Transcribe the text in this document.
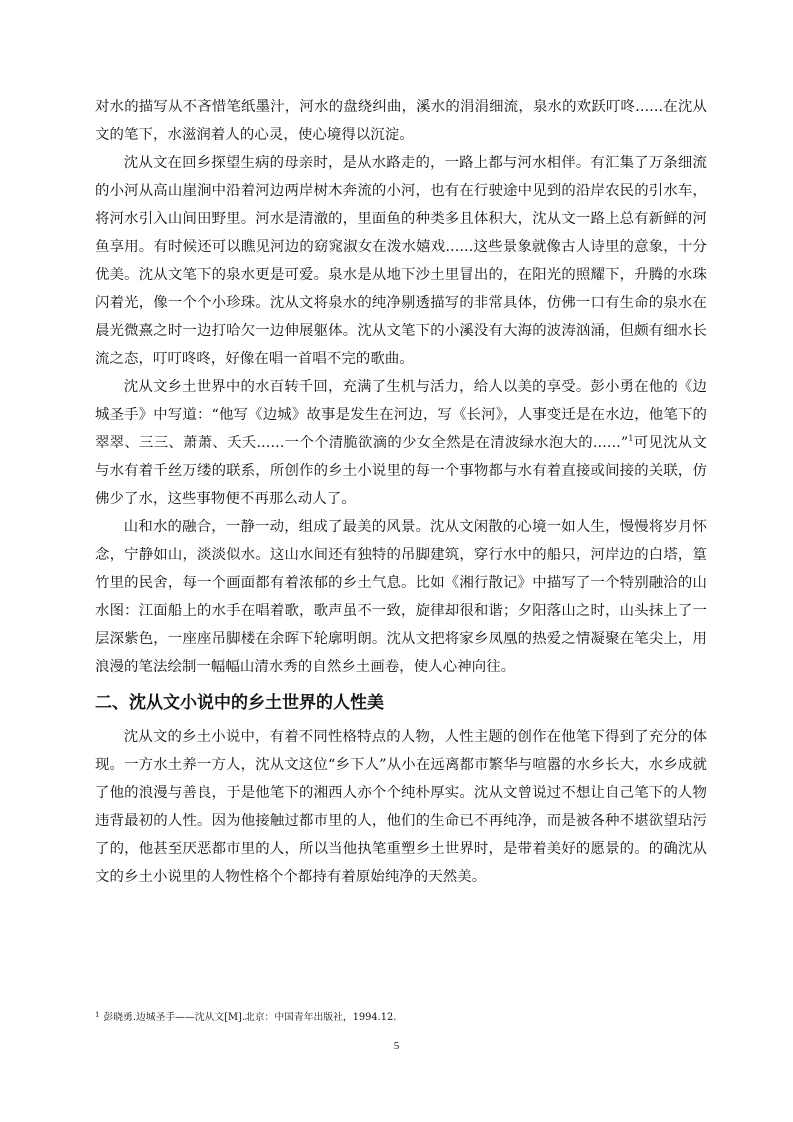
对水的描写从不吝惜笔纸墨汁，河水的盘绕纠曲，溪水的涓涓细流，泉水的欢跃叮咚......在沈从文的笔下，水滋润着人的心灵，使心境得以沉淀。

沈从文在回乡探望生病的母亲时，是从水路走的，一路上都与河水相伴。有汇集了万条细流的小河从高山崖涧中沿着河边两岸树木奔流的小河，也有在行驶途中见到的沿岸农民的引水车，将河水引入山间田野里。河水是清澈的，里面鱼的种类多且体积大，沈从文一路上总有新鲜的河鱼享用。有时候还可以瞧见河边的窈窕淑女在泼水嬉戏......这些景象就像古人诗里的意象，十分优美。沈从文笔下的泉水更是可爱。泉水是从地下沙土里冒出的，在阳光的照耀下，升腾的水珠闪着光，像一个个小珍珠。沈从文将泉水的纯净剔透描写的非常具体，仿佛一口有生命的泉水在晨光微熹之时一边打哈欠一边伸展躯体。沈从文笔下的小溪没有大海的波涛汹涌，但颇有细水长流之态，叮叮咚咚，好像在唱一首唱不完的歌曲。

沈从文乡土世界中的水百转千回，充满了生机与活力，给人以美的享受。彭小勇在他的《边城圣手》中写道：“他写《边城》故事是发生在河边，写《长河》，人事变迁是在水边，他笔下的翠翠、三三、萧萧、夭夭......一个个清脆欲滴的少女全然是在清波绿水泡大的......”$^1$可见沈从文与水有着千丝万缕的联系，所创作的乡土小说里的每一个事物都与水有着直接或间接的关联，仿佛少了水，这些事物便不再那么动人了。

山和水的融合，一静一动，组成了最美的风景。沈从文闲散的心境一如人生，慢慢将岁月怀念，宁静如山，淡淡似水。这山水间还有独特的吊脚建筑，穿行水中的船只，河岸边的白塔，篁竹里的民舍，每一个画面都有着浓郁的乡土气息。比如《湘行散记》中描写了一个特别融洽的山水图：江面船上的水手在唱着歌，歌声虽不一致，旋律却很和谐；夕阳落山之时，山头抹上了一层深紫色，一座座吊脚楼在余晖下轮廓明朗。沈从文把将家乡凤凰的热爱之情凝聚在笔尖上，用浪漫的笔法绘制一幅幅山清水秀的自然乡土画卷，使人心神向往。

二、沈从文小说中的乡土世界的人性美

沈从文的乡土小说中，有着不同性格特点的人物，人性主题的创作在他笔下得到了充分的体现。一方水土养一方人，沈从文这位“乡下人”从小在远离都市繁华与喧嚣的水乡长大，水乡成就了他的浪漫与善良，于是他笔下的湘西人亦个个纯朴厚实。沈从文曾说过不想让自己笔下的人物违背最初的人性。因为他接触过都市里的人，他们的生命已不再纯净，而是被各种不堪欲望玷污了的，他甚至厌恶都市里的人，所以当他执笔重塑乡土世界时，是带着美好的愿景的。的确沈从文的乡土小说里的人物性格个个都持有着原始纯净的天然美。

$^1$ 彭晓勇.边城圣手——沈从文[M].北京：中国青年出版社，1994.12.
5
